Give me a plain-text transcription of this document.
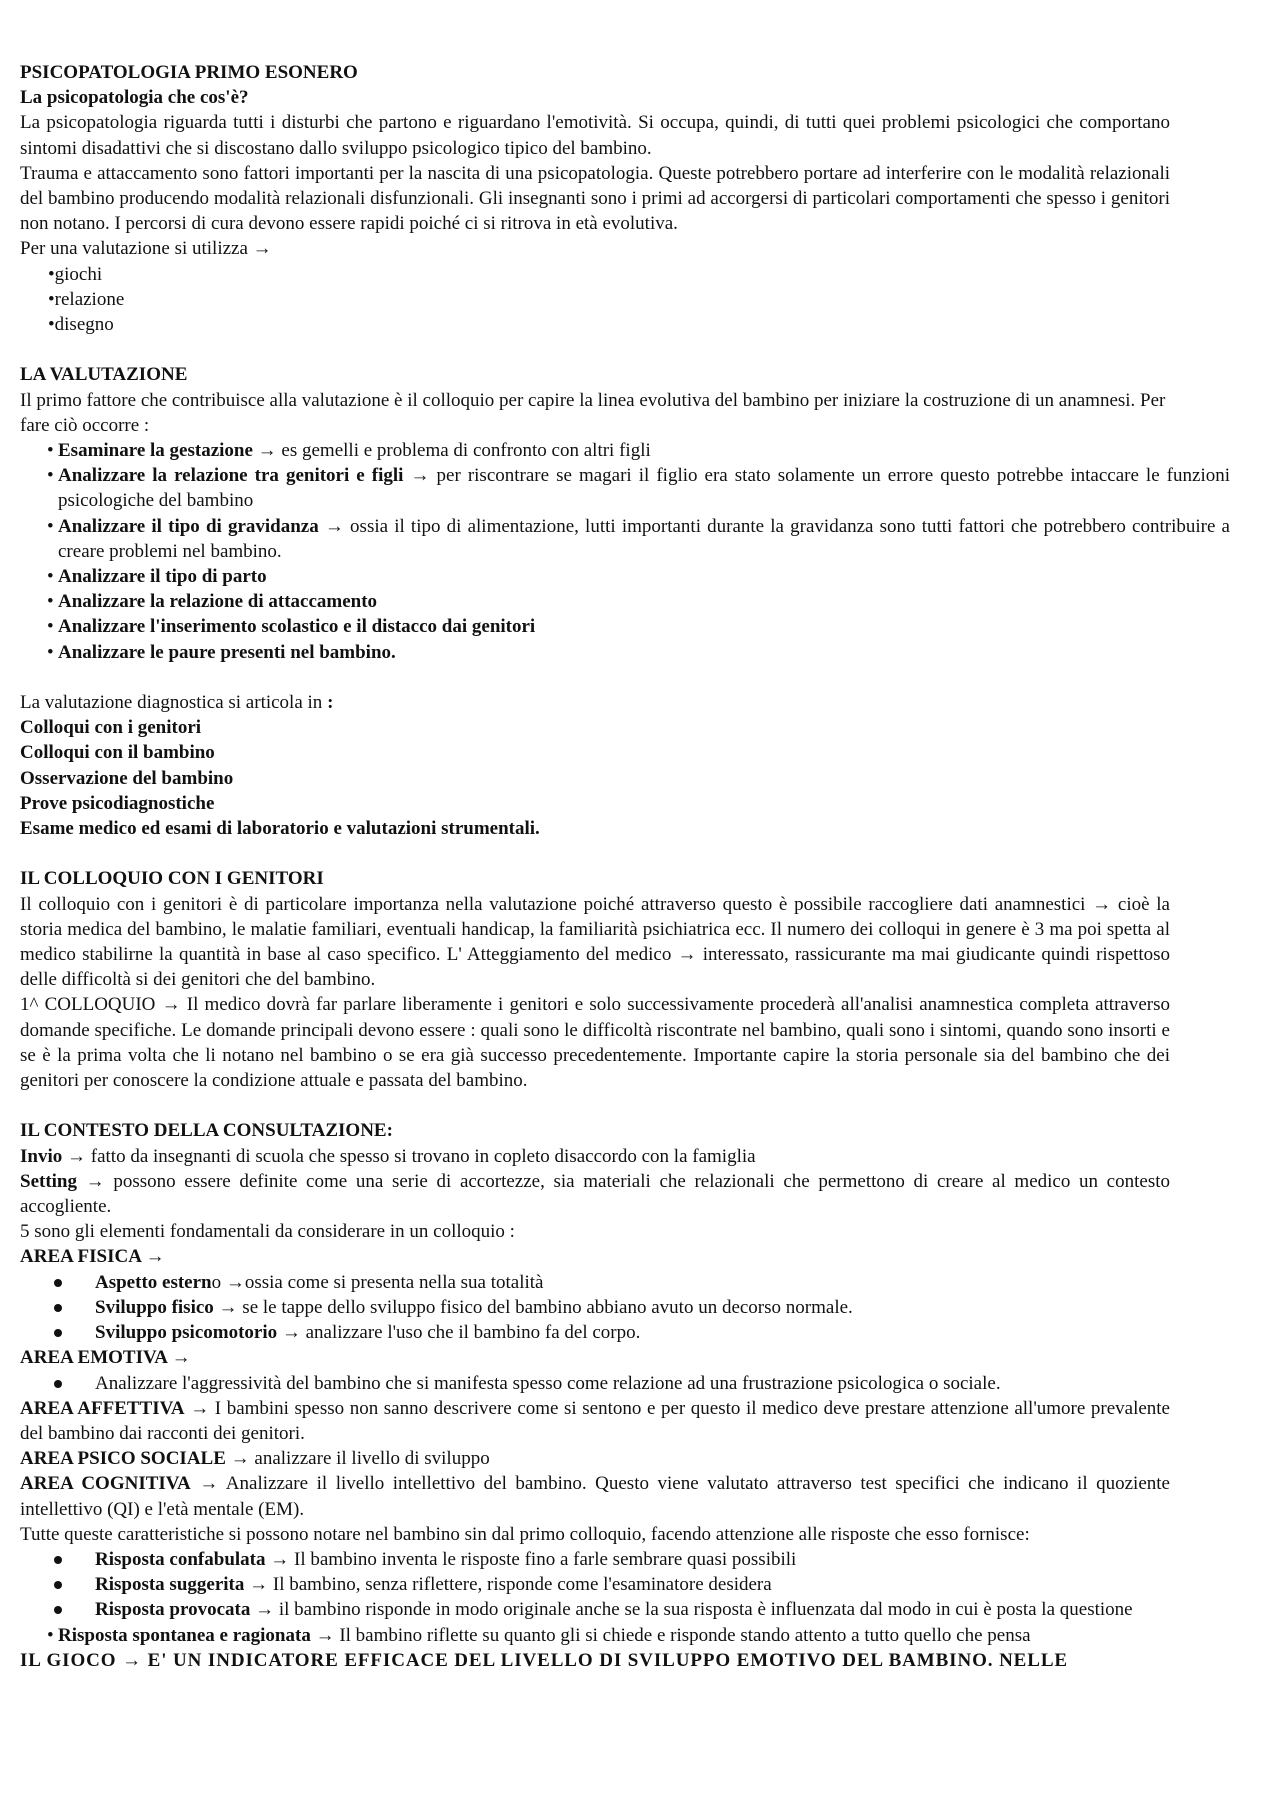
PSICOPATOLOGIA PRIMO ESONERO

La psicopatologia che cos'è?

La psicopatologia riguarda tutti i disturbi che partono e riguardano l'emotività. Si occupa, quindi, di tutti quei problemi psicologici che comportano sintomi disadattivi che si discostano dallo sviluppo psicologico tipico del bambino.

Trauma e attaccamento sono fattori importanti per la nascita di una psicopatologia. Queste potrebbero portare ad interferire con le modalità relazionali del bambino producendo modalità relazionali disfunzionali. Gli insegnanti sono i primi ad accorgersi di particolari comportamenti che spesso i genitori non notano. I percorsi di cura devono essere rapidi poiché ci si ritrova in età evolutiva.

Per una valutazione si utilizza →

•giochi
•relazione
•disegno

LA VALUTAZIONE

Il primo fattore che contribuisce alla valutazione è il colloquio per capire la linea evolutiva del bambino per iniziare la costruzione di un anamnesi. Per fare ciò occorre :

• Esaminare la gestazione → es gemelli e problema di confronto con altri figli
• Analizzare la relazione tra genitori e figli → per riscontrare se magari il figlio era stato solamente un errore questo potrebbe intaccare le funzioni psicologiche del bambino
• Analizzare il tipo di gravidanza → ossia il tipo di alimentazione, lutti importanti durante la gravidanza sono tutti fattori che potrebbero contribuire a creare problemi nel bambino.
• Analizzare il tipo di parto
• Analizzare la relazione di attaccamento
• Analizzare l'inserimento scolastico e il distacco dai genitori
• Analizzare le paure presenti nel bambino.

La valutazione diagnostica si articola in :

Colloqui con i genitori

Colloqui con il bambino

Osservazione del bambino

Prove psicodiagnostiche

Esame medico ed esami di laboratorio e valutazioni strumentali.

IL COLLOQUIO CON I GENITORI

Il colloquio con i genitori è di particolare importanza nella valutazione poiché attraverso questo è possibile raccogliere dati anamnestici → cioè la storia medica del bambino, le malatie familiari, eventuali handicap, la familiarità psichiatrica ecc. Il numero dei colloqui in genere è 3 ma poi spetta al medico stabilirne la quantità in base al caso specifico. L' Atteggiamento del medico → interessato, rassicurante ma mai giudicante quindi rispettoso delle difficoltà si dei genitori che del bambino.

1^ COLLOQUIO → Il medico dovrà far parlare liberamente i genitori e solo successivamente procederà all'analisi anamnestica completa attraverso domande specifiche. Le domande principali devono essere : quali sono le difficoltà riscontrate nel bambino, quali sono i sintomi, quando sono insorti e se è la prima volta che li notano nel bambino o se era già successo precedentemente. Importante capire la storia personale sia del bambino che dei genitori per conoscere la condizione attuale e passata del bambino.

IL CONTESTO DELLA CONSULTAZIONE:

Invio → fatto da insegnanti di scuola che spesso si trovano in copleto disaccordo con la famiglia

Setting → possono essere definite come una serie di accortezze, sia materiali che relazionali che permettono di creare al medico un contesto accogliente.

5 sono gli elementi fondamentali da considerare in un colloquio :

AREA FISICA →

Aspetto esterno →ossia come si presenta nella sua totalità
Sviluppo fisico → se le tappe dello sviluppo fisico del bambino abbiano avuto un decorso normale.
Sviluppo psicomotorio → analizzare l'uso che il bambino fa del corpo.

AREA EMOTIVA →

Analizzare l'aggressività del bambino che si manifesta spesso come relazione ad una frustrazione psicologica o sociale.

AREA AFFETTIVA → I bambini spesso non sanno descrivere come si sentono e per questo il medico deve prestare attenzione all'umore prevalente del bambino dai racconti dei genitori.

AREA PSICO SOCIALE → analizzare il livello di sviluppo

AREA COGNITIVA → Analizzare il livello intellettivo del bambino. Questo viene valutato attraverso test specifici che indicano il quoziente intellettivo (QI) e l'età mentale (EM).

Tutte queste caratteristiche si possono notare nel bambino sin dal primo colloquio, facendo attenzione alle risposte che esso fornisce:

Risposta confabulata → Il bambino inventa le risposte fino a farle sembrare quasi possibili
Risposta suggerita → Il bambino, senza riflettere, risponde come l'esaminatore desidera
Risposta provocata → il bambino risponde in modo originale anche se la sua risposta è influenzata dal modo in cui è posta la questione
• Risposta spontanea e ragionata → Il bambino riflette su quanto gli si chiede e risponde stando attento a tutto quello che pensa

IL GIOCO → E' UN INDICATORE EFFICACE DEL LIVELLO DI SVILUPPO EMOTIVO DEL BAMBINO. NELLE
